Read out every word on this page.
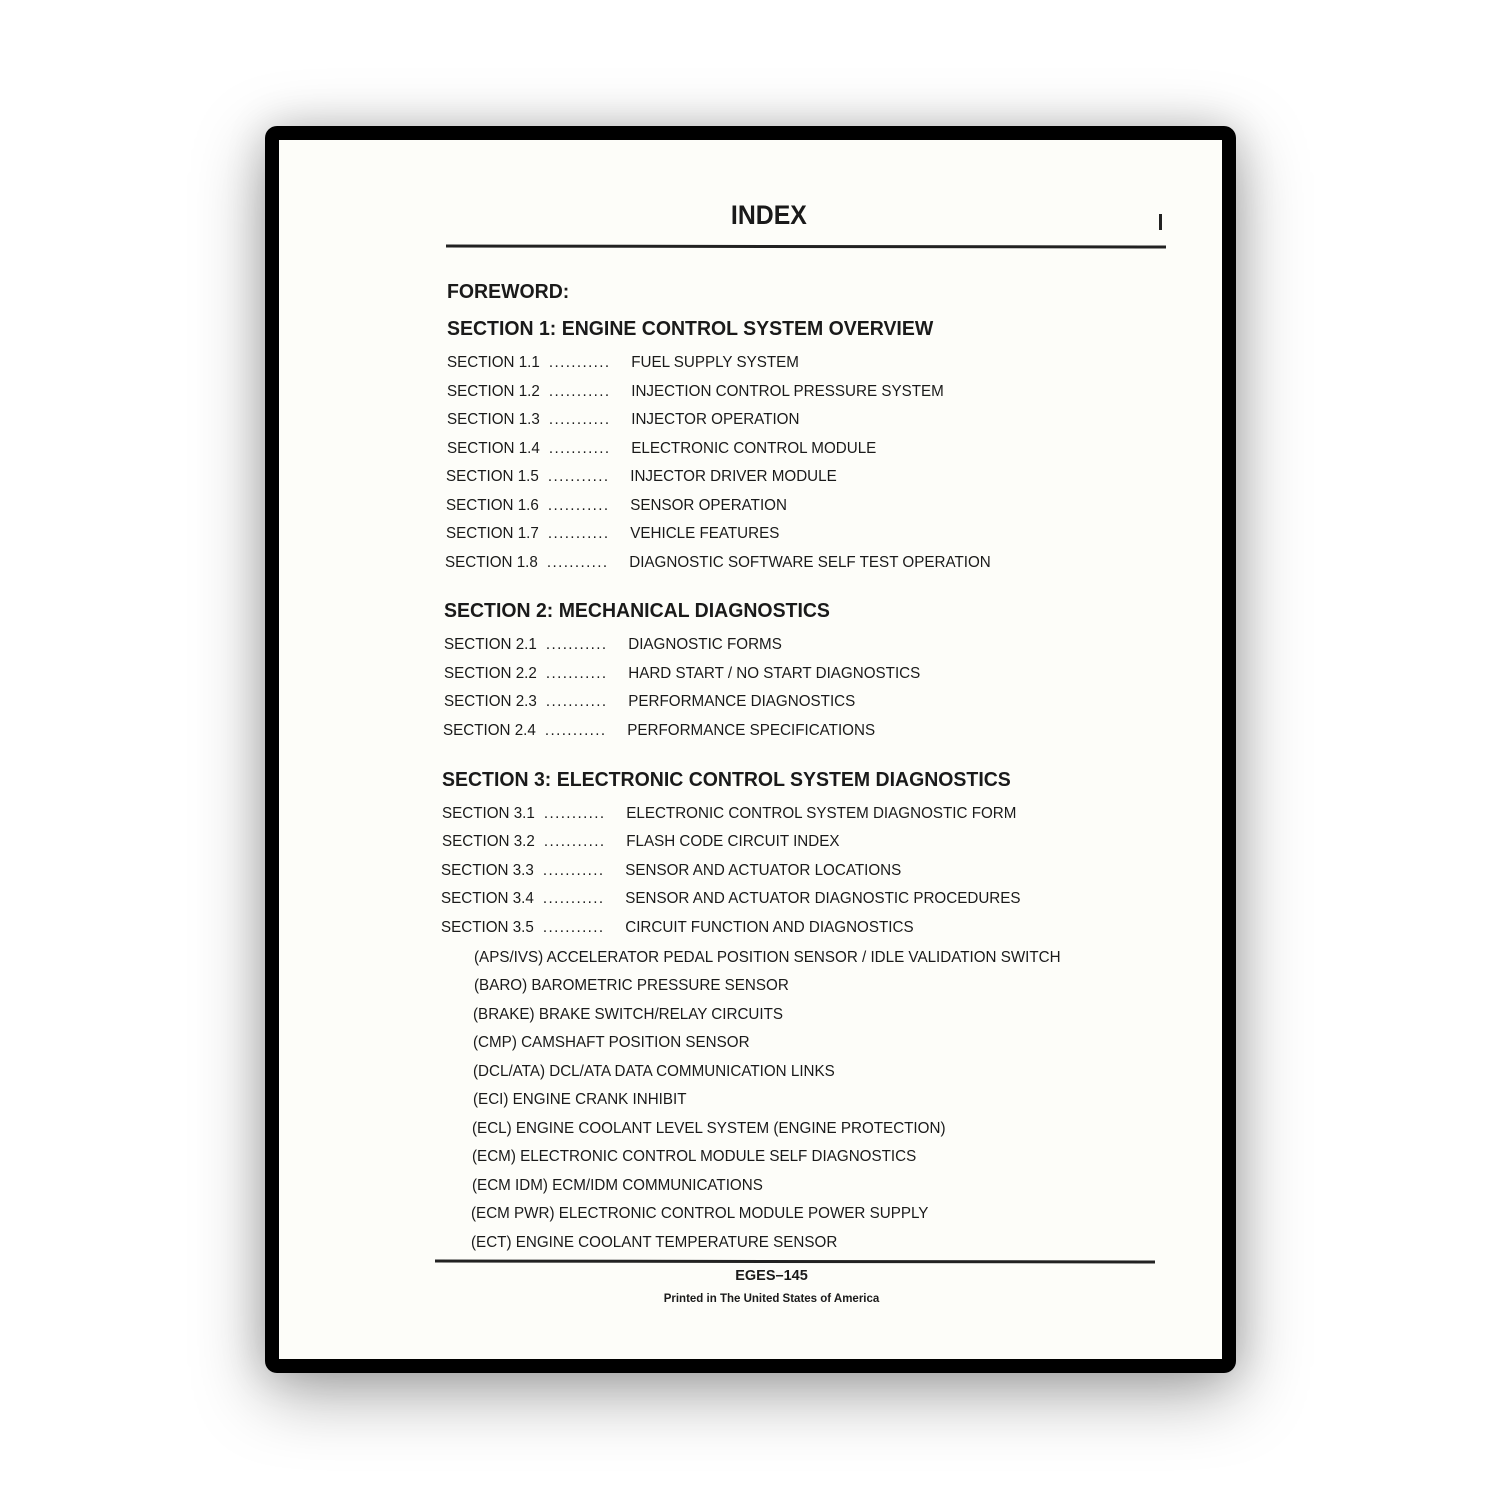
INDEX
FOREWORD:
SECTION 1: ENGINE CONTROL SYSTEM OVERVIEW
SECTION 1.1 ........... FUEL SUPPLY SYSTEM
SECTION 1.2 ........... INJECTION CONTROL PRESSURE SYSTEM
SECTION 1.3 ........... INJECTOR OPERATION
SECTION 1.4 ........... ELECTRONIC CONTROL MODULE
SECTION 1.5 ........... INJECTOR DRIVER MODULE
SECTION 1.6 ........... SENSOR OPERATION
SECTION 1.7 ........... VEHICLE FEATURES
SECTION 1.8 ........... DIAGNOSTIC SOFTWARE SELF TEST OPERATION
SECTION 2: MECHANICAL DIAGNOSTICS
SECTION 2.1 ........... DIAGNOSTIC FORMS
SECTION 2.2 ........... HARD START / NO START DIAGNOSTICS
SECTION 2.3 ........... PERFORMANCE DIAGNOSTICS
SECTION 2.4 ........... PERFORMANCE SPECIFICATIONS
SECTION 3: ELECTRONIC CONTROL SYSTEM DIAGNOSTICS
SECTION 3.1 ........... ELECTRONIC CONTROL SYSTEM DIAGNOSTIC FORM
SECTION 3.2 ........... FLASH CODE CIRCUIT INDEX
SECTION 3.3 ........... SENSOR AND ACTUATOR LOCATIONS
SECTION 3.4 ........... SENSOR AND ACTUATOR DIAGNOSTIC PROCEDURES
SECTION 3.5 ........... CIRCUIT FUNCTION AND DIAGNOSTICS
(APS/IVS) ACCELERATOR PEDAL POSITION SENSOR / IDLE VALIDATION SWITCH
(BARO) BAROMETRIC PRESSURE SENSOR
(BRAKE) BRAKE SWITCH/RELAY CIRCUITS
(CMP) CAMSHAFT POSITION SENSOR
(DCL/ATA) DCL/ATA DATA COMMUNICATION LINKS
(ECI) ENGINE CRANK INHIBIT
(ECL) ENGINE COOLANT LEVEL SYSTEM (ENGINE PROTECTION)
(ECM) ELECTRONIC CONTROL MODULE SELF DIAGNOSTICS
(ECM IDM) ECM/IDM COMMUNICATIONS
(ECM PWR) ELECTRONIC CONTROL MODULE POWER SUPPLY
(ECT) ENGINE COOLANT TEMPERATURE SENSOR
EGES–145
Printed in The United States of America
